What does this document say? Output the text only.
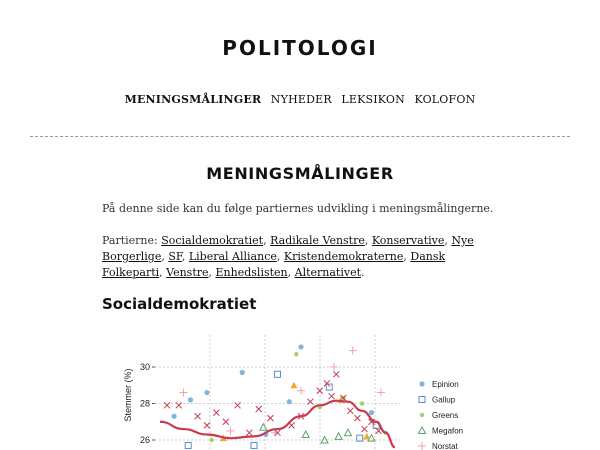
POLITOLOGI
MENINGSMÅLINGER NYHEDER LEKSIKON KOLOFON
MENINGSMÅLINGER
På denne side kan du følge partiernes udvikling i meningsmålingerne.
Partierne: Socialdemokratiet, Radikale Venstre, Konservative, Nye Borgerlige, SF, Liberal Alliance, Kristendemokraterne, Dansk Folkeparti, Venstre, Enhedslisten, Alternativet.
Socialdemokratiet
26
28
30
Stemmer (%)	Epinion
Gallup
Greens
Megafon
Norstat
